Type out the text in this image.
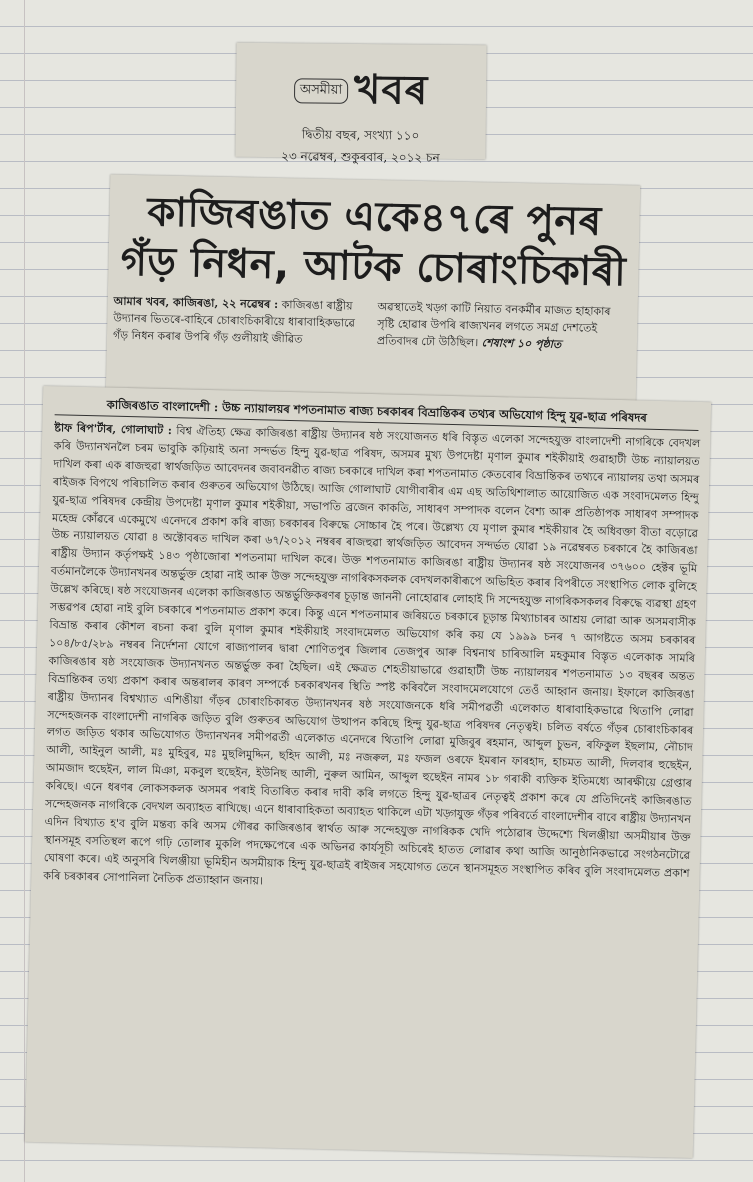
অসমীয়া খবৰ
দ্বিতীয় বছৰ, সংখ্যা ১১০
২৩ নৱেম্বৰ, শুকুৰবাৰ, ২০১২ চন
কাজিৰঙাত একে৪৭ৰে পুনৰ
গঁড় নিধন, আটক চোৰাংচিকাৰী
আমাৰ খবৰ, কাজিৰঙা, ২২ নৱেম্বৰ : কাজিৰঙা ৰাষ্ট্ৰীয় উদ্যানৰ ভিতৰে-বাহিৰে চোৰাংচিকাৰীয়ে ধাৰাবাহিকভাৱে গঁড় নিধন কৰাৰ উপৰি গঁড় গুলীয়াই জীৱিত
অৱস্থাতেই খড়্গ কাটি নিয়াত বনকৰ্মীৰ মাজত হাহাকাৰ সৃষ্টি হোৱাৰ উপৰি ৰাজ্যখনৰ লগতে সমগ্ৰ দেশতেই প্ৰতিবাদৰ ঢৌ উঠিছিল। শেষাংশ ১০ পৃষ্ঠাত
কাজিৰঙাত বাংলাদেশী : উচ্চ ন্যায়ালয়ৰ শপতনামাত ৰাজ্য চৰকাৰৰ বিভ্ৰান্তিকৰ তথ্যৰ অভিযোগ হিন্দু যুৱ-ছাত্ৰ পৰিষদৰ
ষ্টাফ ৰিপ'ৰ্টাৰ, গোলাঘাট : বিশ্ব ঐতিহ্য ক্ষেত্ৰ কাজিৰঙা ৰাষ্ট্ৰীয় উদ্যানৰ ষষ্ঠ সংযোজনত ধৰি বিস্তৃত এলেকা সন্দেহযুক্ত বাংলাদেশী নাগৰিকে বেদখল কৰি উদ্যানখনলৈ চৰম ভাবুকি কঢ়িয়াই অনা সন্দৰ্ভত হিন্দু যুৱ-ছাত্ৰ পৰিষদ, অসমৰ মুখ্য উপদেষ্টা মৃণাল কুমাৰ শইকীয়াই গুৱাহাটী উচ্চ ন্যায়ালয়ত দাখিল কৰা এক ৰাজহুৱা স্বাৰ্থজড়িত আবেদনৰ জবাবনৱীত ৰাজ্য চৰকাৰে দাখিল কৰা শপতনামাত কেতবোৰ বিভ্ৰান্তিকৰ তথ্যৰে ন্যায়ালয় তথা অসমৰ ৰাইজক বিপথে পৰিচালিত কৰাৰ গুৰুতৰ অভিযোগ উঠিছে। আজি গোলাঘাট যোগীবাৰীৰ এম এছ অতিথিশালাত আয়োজিত এক সংবাদমেলত হিন্দু যুৱ-ছাত্ৰ পৰিষদৰ কেন্দ্ৰীয় উপদেষ্টা মৃণাল কুমাৰ শইকীয়া, সভাপতি ব্ৰজেন কাকতি, সাধাৰণ সম্পাদক বলেন বৈশ্য আৰু প্ৰতিষ্ঠাপক সাধাৰণ সম্পাদক মহেন্দ্ৰ কোঁৱৰে একেমুখে এনেদৰে প্ৰকাশ কৰি ৰাজ্য চৰকাৰৰ বিৰুদ্ধে সোচ্চাৰ হৈ পৰে। উল্লেখ্য যে মৃণাল কুমাৰ শইকীয়াৰ হৈ অধিবক্তা বীতা বড়োৱে উচ্চ ন্যায়ালয়ত যোৱা ৪ অক্টোবৰত দাখিল কৰা ৬৭/২০১২ নম্বৰৰ ৰাজহুৱা স্বাৰ্থজড়িত আবেদন সন্দৰ্ভত যোৱা ১৯ নৱেম্বৰত চৰকাৰে হৈ কাজিৰঙা ৰাষ্ট্ৰীয় উদ্যান কৰ্তৃপক্ষই ১৪৩ পৃষ্ঠাজোৰা শপতনামা দাখিল কৰে। উক্ত শপতনামাত কাজিৰঙা ৰাষ্ট্ৰীয় উদ্যানৰ ষষ্ঠ সংযোজনৰ ৩৭৬০০ হেক্টৰ ভূমি বৰ্তমানলৈকে উদ্যানখনৰ অন্তৰ্ভুক্ত হোৱা নাই আৰু উক্ত সন্দেহযুক্ত নাগৰিকসকলক বেদখলকাৰীৰূপে অভিহিত কৰাৰ বিপৰীতে সংস্থাপিত লোক বুলিহে উল্লেখ কৰিছে। ষষ্ঠ সংযোজনৰ এলেকা কাজিৰঙাত অন্তৰ্ভুক্তিকৰণৰ চূড়ান্ত জাননী নোহোৱাৰ লোহাই দি সন্দেহযুক্ত নাগৰিকসকলৰ বিৰুদ্ধে ব্যৱস্থা গ্ৰহণ সম্ভৱপৰ হোৱা নাই বুলি চৰকাৰে শপতনামাত প্ৰকাশ কৰে। কিন্তু এনে শপতনামাৰ জৰিয়তে চৰকাৰে চূড়ান্ত মিথ্যাচাৰৰ আশ্ৰয় লোৱা আৰু অসমবাসীক বিভ্ৰান্ত কৰাৰ কৌশল ৰচনা কৰা বুলি মৃণাল কুমাৰ শইকীয়াই সংবাদমেলত অভিযোগ কৰি কয় যে ১৯৯৯ চনৰ ৭ আগষ্টতে অসম চৰকাৰৰ ১০৪/৮৫/২৮৯ নম্বৰৰ নিৰ্দেশনা যোগে ৰাজ্যপালৰ দ্বাৰা শোণিতপুৰ জিলাৰ তেজপুৰ আৰু বিশ্বনাথ চাৰিআলি মহকুমাৰ বিস্তৃত এলেকাক সামৰি কাজিৰঙাৰ ষষ্ঠ সংযোজক উদ্যানখনত অন্তৰ্ভুক্ত কৰা হৈছিল। এই ক্ষেত্ৰত শেহতীয়াভাৱে গুৱাহাটী উচ্চ ন্যায়ালয়ৰ শপতনামাত ১৩ বছৰৰ অন্তত বিভ্ৰান্তিকৰ তথ্য প্ৰকাশ কৰাৰ অন্তৰালৰ কাৰণ সম্পৰ্কে চৰকাৰখনৰ স্থিতি স্পষ্ট কৰিবলৈ সংবাদমেলযোগে তেওঁ আহ্বান জনায়। ইফালে কাজিৰঙা ৰাষ্ট্ৰীয় উদ্যানৰ বিশ্বখ্যাত এশিঙীয়া গঁড়ৰ চোৰাংচিকাৰত উদ্যানখনৰ ষষ্ঠ সংযোজনকে ধৰি সমীপৱৰ্তী এলেকাত ধাৰাবাহিকভাৱে থিতাপি লোৱা সন্দেহজনক বাংলাদেশী নাগৰিক জড়িত বুলি গুৰুতৰ অভিযোগ উত্থাপন কৰিছে হিন্দু যুৱ-ছাত্ৰ পৰিষদৰ নেতৃত্বই। চলিত বৰ্ষতে গঁড়ৰ চোৰাংচিকাৰৰ লগত জড়িত থকাৰ অভিযোগত উদ্যানখনৰ সমীপৱৰ্তী এলেকাত এনেদৰে থিতাপি লোৱা মুজিবুৰ ৰহমান, আব্দুল চুভন, ৰফিকুল ইছলাম, নৌচাদ আলী, আইনুল আলী, মঃ মুহিবুৰ, মঃ মুছলিমুদ্দিন, ছহিদ আলী, মঃ নজৰুল, মঃ ফজল ওৰফে ইমৰান ফাৰহাদ, হাচমত আলী, দিলবাৰ হুছেইন, আমজাদ হুছেইন, লাল মিঞা, মকবুল হুছেইন, ইউনিছ আলী, নুৰুল আমিন, আব্দুল হুছেইন নামৰ ১৮ গৰাকী ব্যক্তিক ইতিমধ্যে আৰক্ষীয়ে গ্ৰেপ্তাৰ কৰিছে। এনে ধৰণৰ লোকসকলক অসমৰ পৰাই বিতাৰিত কৰাৰ দাবী কৰি লগতে হিন্দু যুৱ-ছাত্ৰৰ নেতৃত্বই প্ৰকাশ কৰে যে প্ৰতিদিনেই কাজিৰঙাত সন্দেহজনক নাগৰিকে বেদখল অব্যাহত ৰাখিছে। এনে ধাৰাবাহিকতা অব্যাহত থাকিলে এটা খড়্গযুক্ত গঁড়ৰ পৰিবৰ্তে বাংলাদেশীৰ বাবে ৰাষ্ট্ৰীয় উদ্যানখন এদিন বিখ্যাত হ'ব বুলি মন্তব্য কৰি অসম গৌৰৱ কাজিৰঙাৰ স্বাৰ্থত আৰু সন্দেহযুক্ত নাগৰিকক খেদি পঠোৱাৰ উদ্দেশ্যে খিলঞ্জীয়া অসমীয়াৰ উক্ত স্থানসমূহ বসতিস্থল ৰূপে গঢ়ি তোলাৰ মুকলি পদক্ষেপেৰে এক অভিনৱ কাৰ্যসূচী অচিৰেই হাতত লোৱাৰ কথা আজি আনুষ্ঠানিকভাৱে সংগঠনটোৱে ঘোষণা কৰে। এই অনুসৰি খিলঞ্জীয়া ভূমিহীন অসমীয়াক হিন্দু যুৱ-ছাত্ৰই ৰাইজৰ সহযোগত তেনে স্থানসমূহত সংস্থাপিত কৰিব বুলি সংবাদমেলত প্ৰকাশ কৰি চৰকাৰৰ সোপানিলা নৈতিক প্ৰত্যাহ্বান জনায়।
